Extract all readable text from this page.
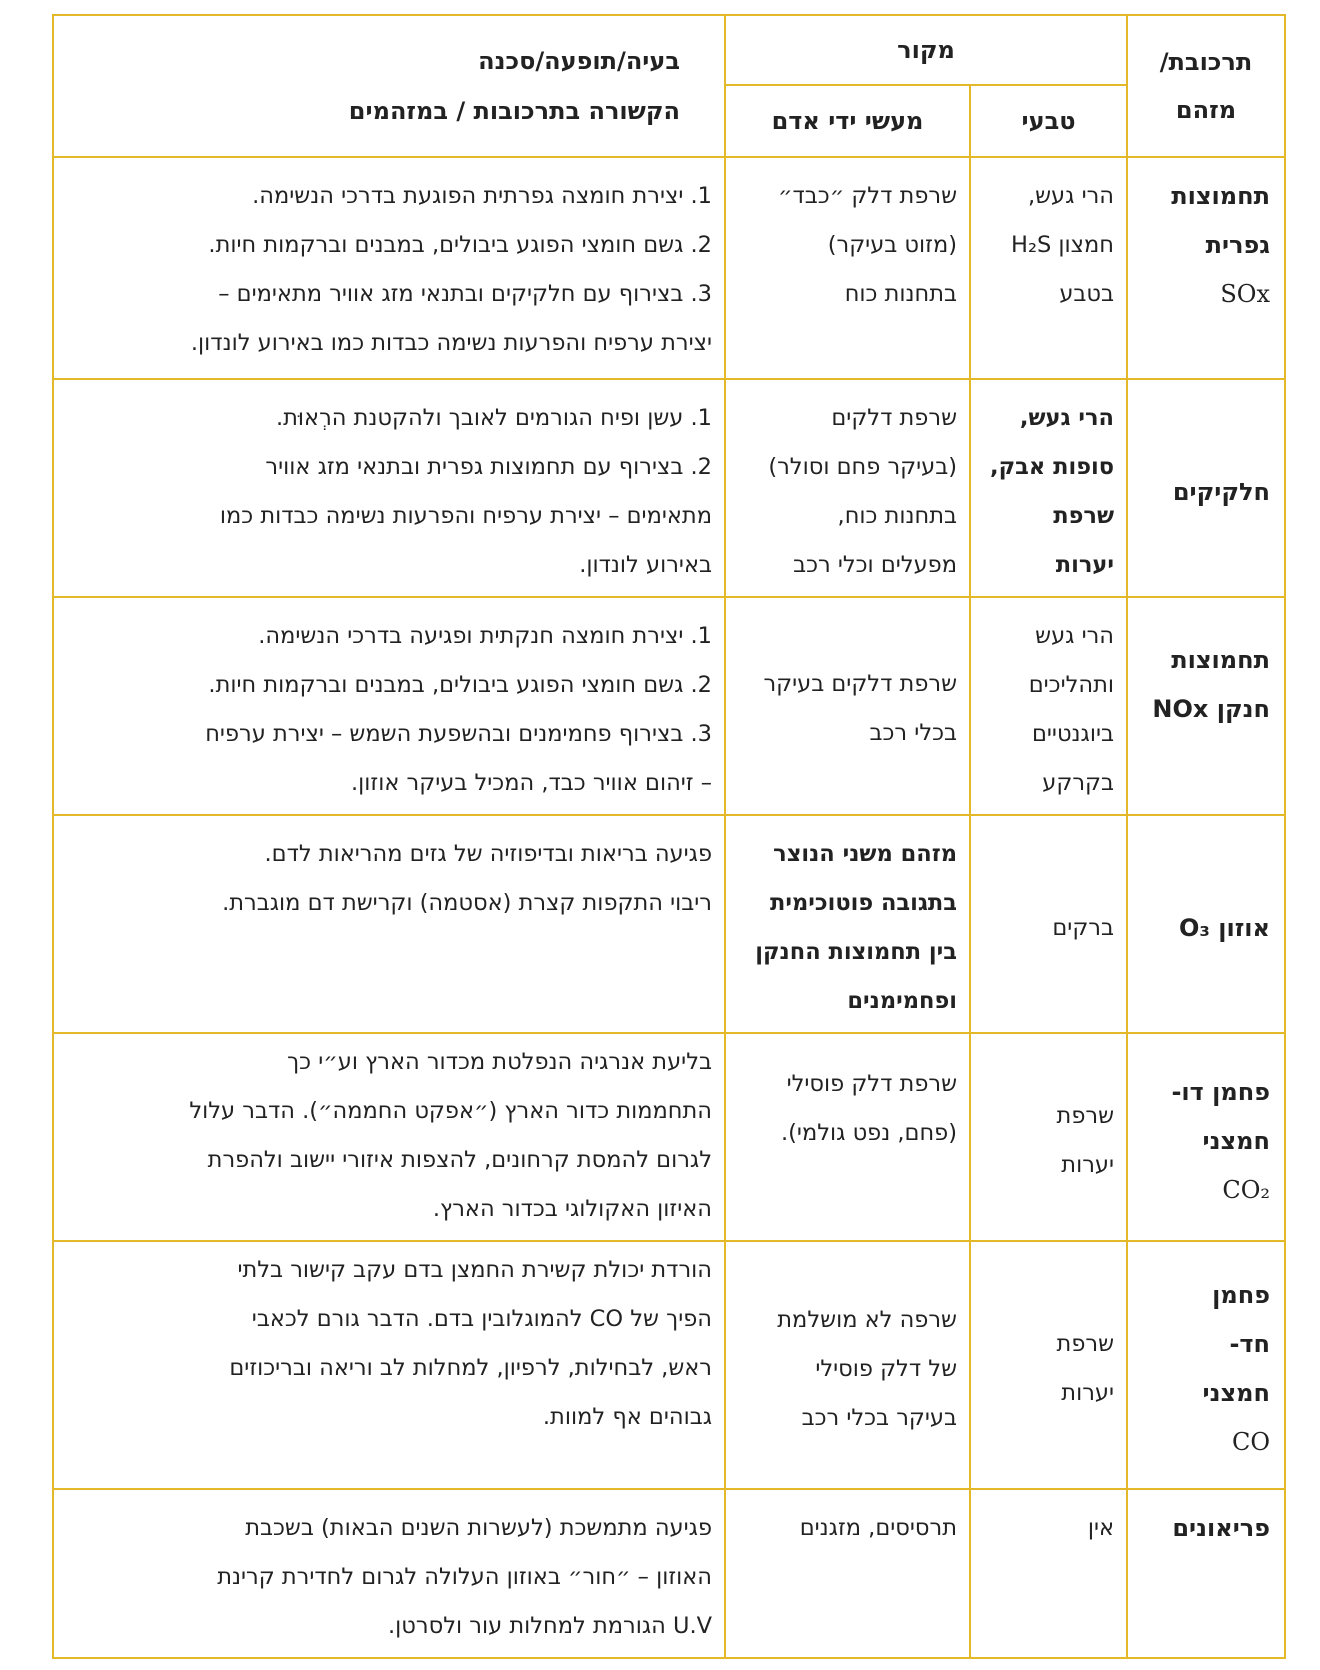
תרכובת/
מזהם	מקור		בעיה/תופעה/סכנה
הקשורה בתרכובות / במזהמים

	טבעי	מעשי ידי אדם	

תחמוצות
גפרית
SOx	הרי געש,
חמצון H₂S
בטבע	שרפת דלק ״כבד״
(מזוט בעיקר)
בתחנות כוח	1. יצירת חומצה גפרתית הפוגעת בדרכי הנשימה.
2. גשם חומצי הפוגע ביבולים, במבנים וברקמות חיות.
3. בצירוף עם חלקיקים ובתנאי מזג אוויר מתאימים –
יצירת ערפיח והפרעות נשימה כבדות כמו באירוע לונדון.

חלקיקים	הרי געש,
סופות אבק,
שרפת
יערות	שרפת דלקים
(בעיקר פחם וסולר)
בתחנות כוח,
מפעלים וכלי רכב	1. עשן ופיח הגורמים לאובך ולהקטנת הרְאוּת.
2. בצירוף עם תחמוצות גפרית ובתנאי מזג אוויר
מתאימים – יצירת ערפיח והפרעות נשימה כבדות כמו
באירוע לונדון.

תחמוצות
חנקן NOx	הרי געש
ותהליכים
ביוגנטיים
בקרקע	שרפת דלקים בעיקר
בכלי רכב	1. יצירת חומצה חנקתית ופגיעה בדרכי הנשימה.
2. גשם חומצי הפוגע ביבולים, במבנים וברקמות חיות.
3. בצירוף פחמימנים ובהשפעת השמש – יצירת ערפיח
– זיהום אוויר כבד, המכיל בעיקר אוזון.

אוזון O₃	ברקים	מזהם משני הנוצר
בתגובה פוטוכימית
בין תחמוצות החנקן
ופחמימנים	פגיעה בריאות ובדיפוזיה של גזים מהריאות לדם.
ריבוי התקפות קצרת (אסטמה) וקרישת דם מוגברת.

פחמן דו-
חמצני
CO₂	שרפת
יערות	שרפת דלק פוסילי
(פחם, נפט גולמי).	בליעת אנרגיה הנפלטת מכדור הארץ וע״י כך
התחממות כדור הארץ (״אפקט החממה״). הדבר עלול
לגרום להמסת קרחונים, להצפות איזורי יישוב ולהפרת
האיזון האקולוגי בכדור הארץ.

פחמן
חד-
חמצני
CO	שרפת
יערות	שרפה לא מושלמת
של דלק פוסילי
בעיקר בכלי רכב	הורדת יכולת קשירת החמצן בדם עקב קישור בלתי
הפיך של CO להמוגלובין בדם. הדבר גורם לכאבי
ראש, לבחילות, לרפיון, למחלות לב וריאה ובריכוזים
גבוהים אף למוות.

פריאונים	אין	תרסיסים, מזגנים	פגיעה מתמשכת (לעשרות השנים הבאות) בשכבת
האוזון – ״חור״ באוזון העלולה לגרום לחדירת קרינת
U.V הגורמת למחלות עור ולסרטן.
